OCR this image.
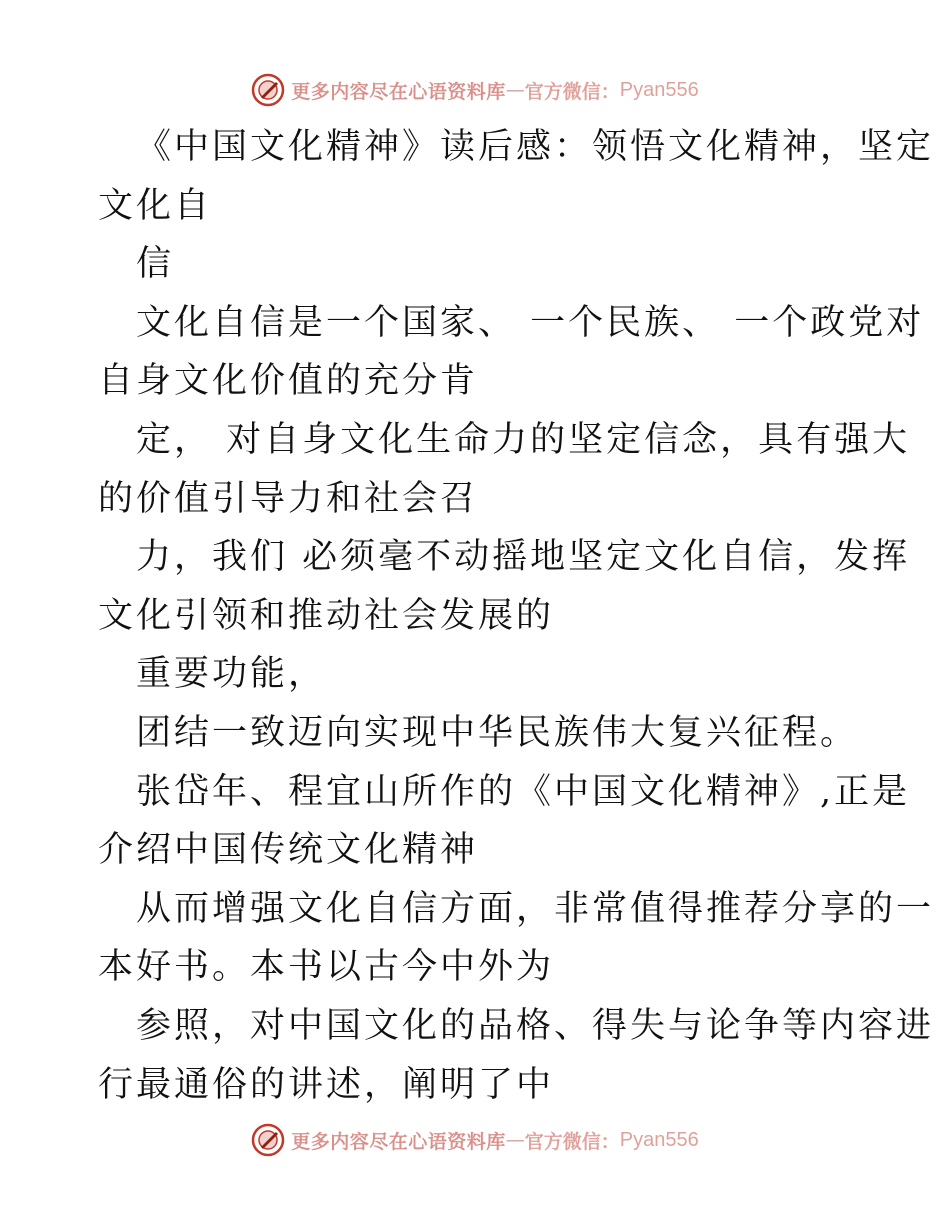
更多内容尽在心语资料库 — 官方微信： Pyan556
《中国文化精神》读后感：领悟文化精神，坚定
文化自
信
文化自信是一个国家、 一个民族、 一个政党对
自身文化价值的充分肯
定， 对自身文化生命力的坚定信念，具有强大
的价值引导力和社会召
力，我们 必须毫不动摇地坚定文化自信，发挥
文化引领和推动社会发展的
重要功能，
团结一致迈向实现中华民族伟大复兴征程。
张岱年、程宜山所作的《中国文化精神》,正是
介绍中国传统文化精神
从而增强文化自信方面，非常值得推荐分享的一
本好书。本书以古今中外为
参照，对中国文化的品格、得失与论争等内容进
行最通俗的讲述，阐明了中
更多内容尽在心语资料库 — 官方微信： Pyan556
